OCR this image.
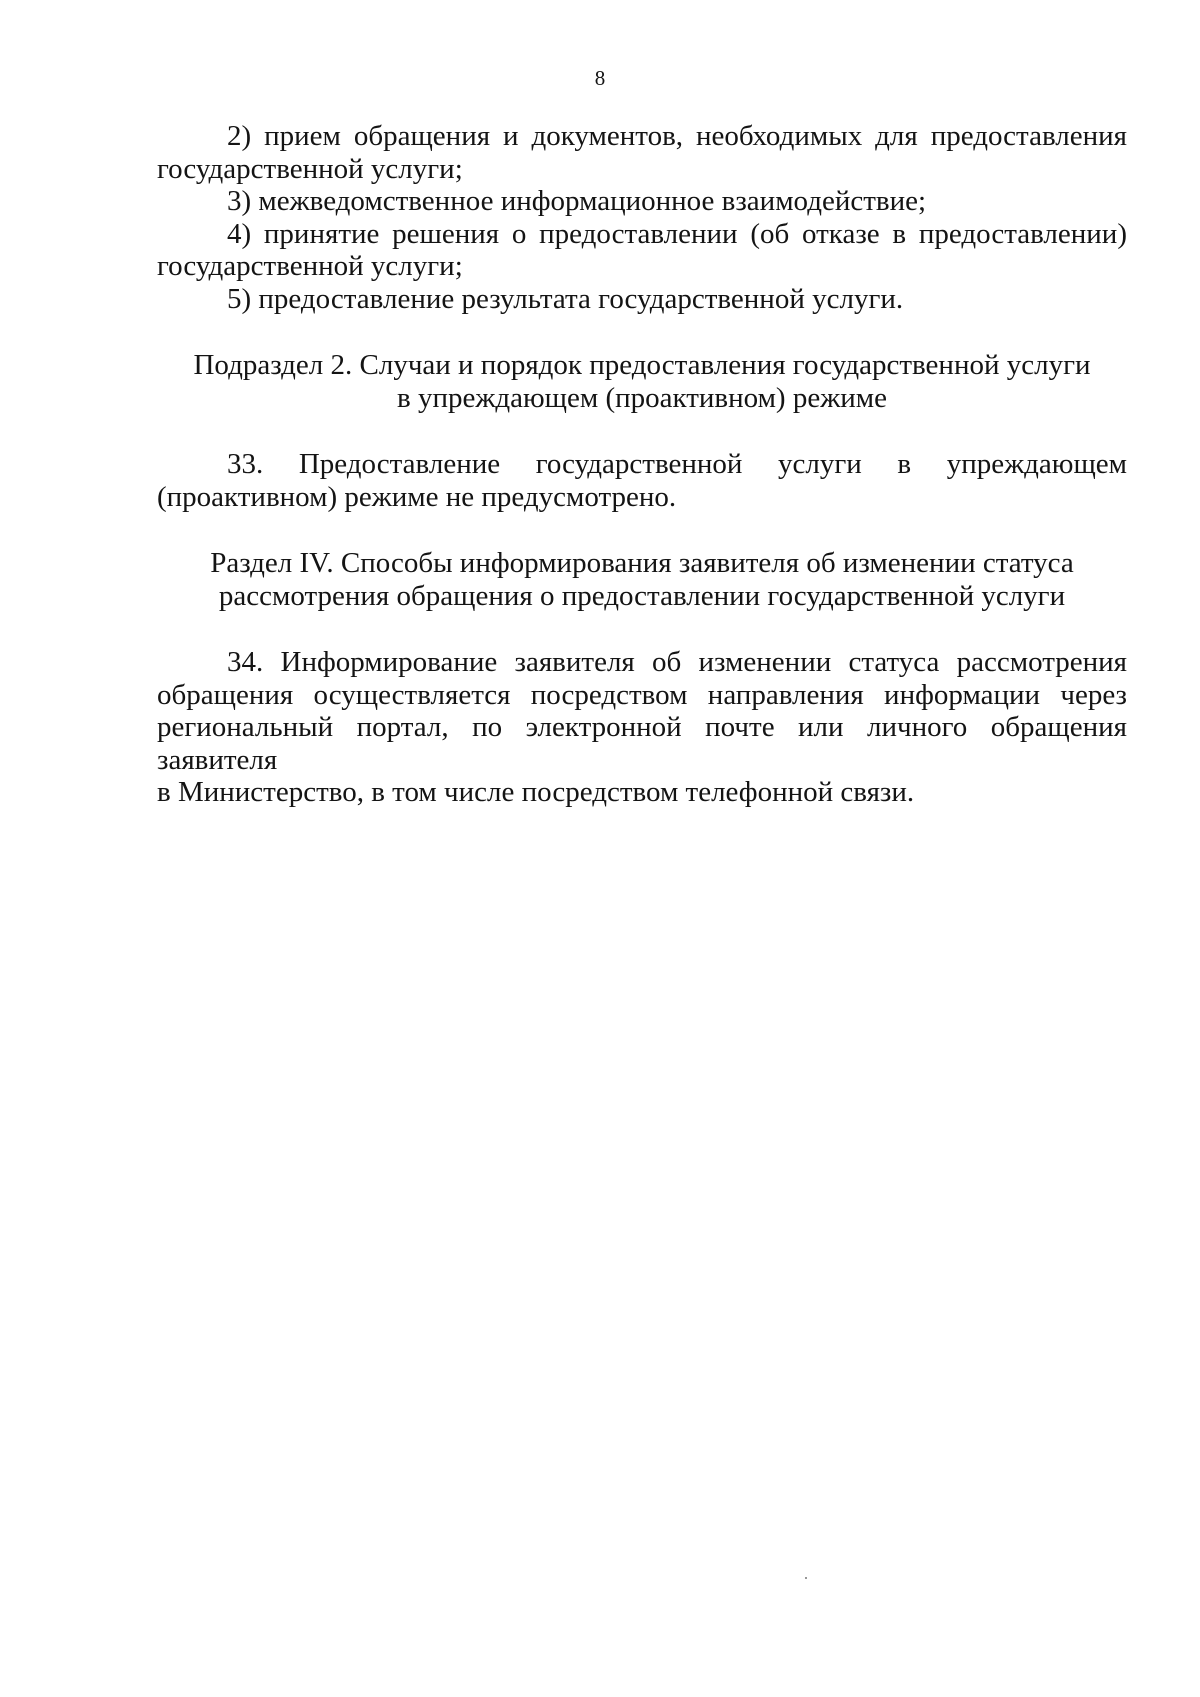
8
2) прием обращения и документов, необходимых для предоставления
государственной услуги;
3) межведомственное информационное взаимодействие;
4) принятие решения о предоставлении (об отказе в предоставлении)
государственной услуги;
5) предоставление результата государственной услуги.
Подраздел 2. Случаи и порядок предоставления государственной услуги
в упреждающем (проактивном) режиме
33. Предоставление государственной услуги в упреждающем
(проактивном) режиме не предусмотрено.
Раздел IV. Способы информирования заявителя об изменении статуса
рассмотрения обращения о предоставлении государственной услуги
34. Информирование заявителя об изменении статуса рассмотрения
обращения осуществляется посредством направления информации через
региональный портал, по электронной почте или личного обращения заявителя
в Министерство, в том числе посредством телефонной связи.
